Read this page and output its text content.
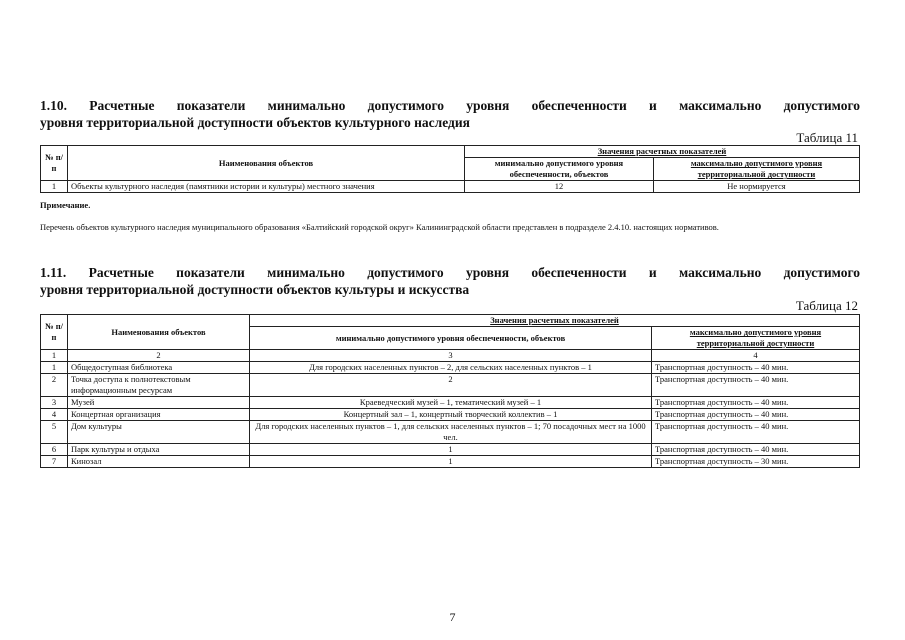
1.10. Расчетные показатели минимально допустимого уровня обеспеченности и максимально допустимого

уровня территориальной доступности объектов культурного наследия
Таблица 11
№ п/п	Наименования объектов	Значения расчетных показателей	
		минимально допустимого уровня обеспеченности, объектов	максимально допустимого уровня территориальной доступности
1	Объекты культурного наследия (памятники истории и культуры) местного значения	12	Не нормируется
Примечание.
Перечень объектов культурного наследия муниципального образования «Балтийский городской округ» Калининградской области представлен в подразделе 2.4.10. настоящих нормативов.
1.11. Расчетные показатели минимально допустимого уровня обеспеченности и максимально допустимого

уровня территориальной доступности объектов культуры и искусства
Таблица 12
№ п/п	Наименования объектов	Значения расчетных показателей	
		минимально допустимого уровня обеспеченности, объектов	максимально допустимого уровня территориальной доступности
1	2	3	4
1	Общедоступная библиотека	Для городских населенных пунктов – 2, для сельских населенных пунктов – 1	Транспортная доступность – 40 мин.
2	Точка доступа к полнотекстовым информационным ресурсам	2	Транспортная доступность – 40 мин.
3	Музей	Краеведческий музей – 1, тематический музей – 1	Транспортная доступность – 40 мин.
4	Концертная организация	Концертный зал – 1, концертный творческий коллектив – 1	Транспортная доступность – 40 мин.
5	Дом культуры	Для городских населенных пунктов – 1, для сельских населенных пунктов – 1; 70 посадочных мест на 1000 чел.	Транспортная доступность – 40 мин.
6	Парк культуры и отдыха	1	Транспортная доступность – 40 мин.
7	Кинозал	1	Транспортная доступность – 30 мин.
7
